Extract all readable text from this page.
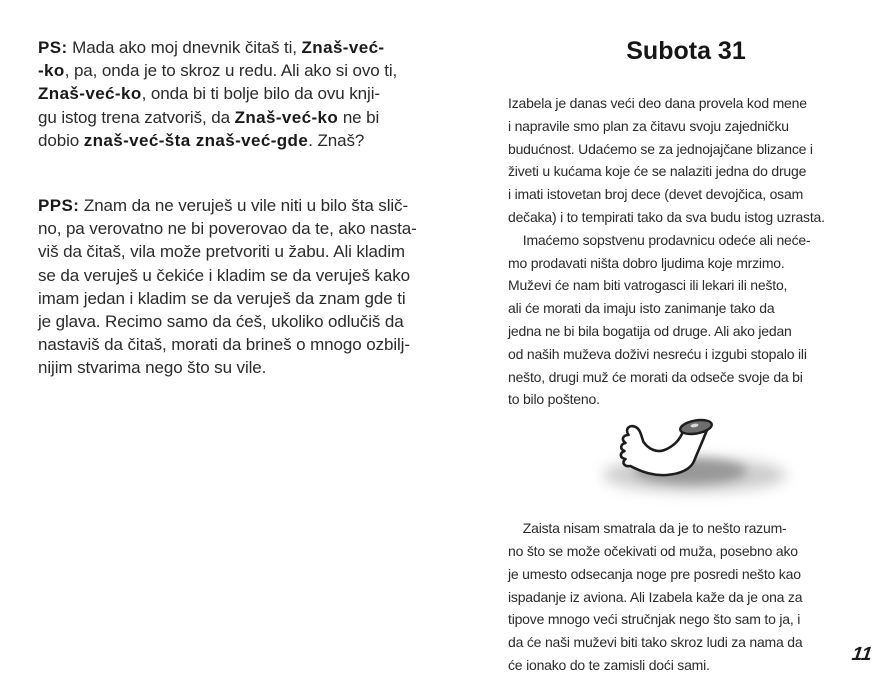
PS: Mada ako moj dnevnik čitaš ti, Znaš-već-
-ko, pa, onda je to skroz u redu. Ali ako si ovo ti,
Znaš-već-ko, onda bi ti bolje bilo da ovu knji-
gu istog trena zatvoriš, da Znaš-već-ko ne bi
dobio znaš-već-šta znaš-već-gde. Znaš?
PPS: Znam da ne veruješ u vile niti u bilo šta slič-
no, pa verovatno ne bi poverovao da te, ako nasta-
viš da čitaš, vila može pretvoriti u žabu. Ali kladim
se da veruješ u čekiće i kladim se da veruješ kako
imam jedan i kladim se da veruješ da znam gde ti
je glava. Recimo samo da ćeš, ukoliko odlučiš da
nastaviš da čitaš, morati da brineš o mnogo ozbilj-
nijim stvarima nego što su vile.
Subota 31
Izabela je danas veći deo dana provela kod mene
i napravile smo plan za čitavu svoju zajedničku
budućnost. Udaćemo se za jednojajčane blizance i
živeti u kućama koje će se nalaziti jedna do druge
i imati istovetan broj dece (devet devojčica, osam
dečaka) i to tempirati tako da sva budu istog uzrasta.
Imaćemo sopstvenu prodavnicu odeće ali neće-
mo prodavati ništa dobro ljudima koje mrzimo.
Muževi će nam biti vatrogasci ili lekari ili nešto,
ali će morati da imaju isto zanimanje tako da
jedna ne bi bila bogatija od druge. Ali ako jedan
od naših muževa doživi nesreću i izgubi stopalo ili
nešto, drugi muž će morati da odseče svoje da bi
to bilo pošteno.
Zaista nisam smatrala da je to nešto razum-
no što se može očekivati od muža, posebno ako
je umesto odsecanja noge pre posredi nešto kao
ispadanje iz aviona. Ali Izabela kaže da je ona za
tipove mnogo veći stručnjak nego što sam to ja, i
da će naši muževi biti tako skroz ludi za nama da
će ionako do te zamisli doći sami.	11
